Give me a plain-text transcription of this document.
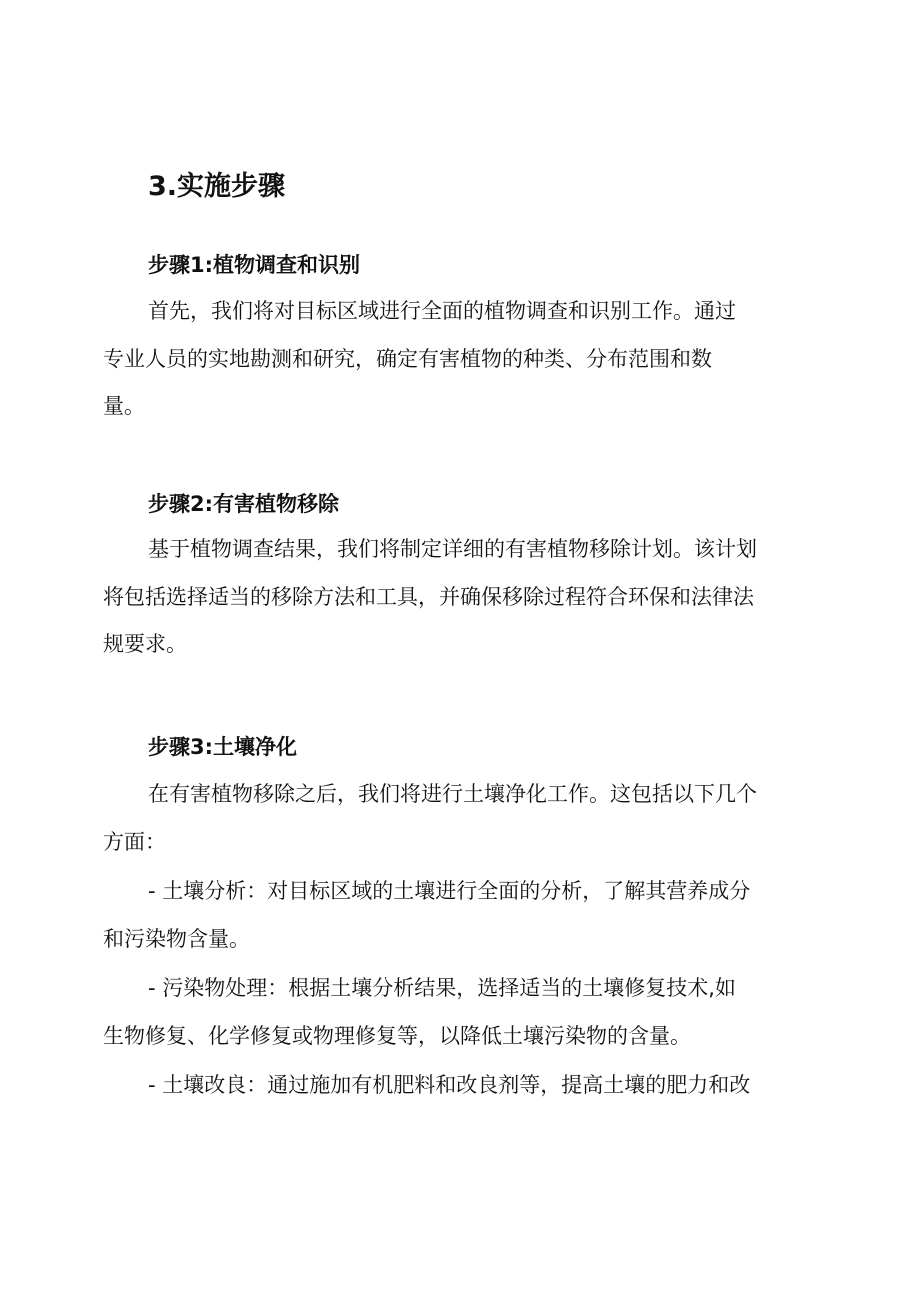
3.实施步骤
步骤1:植物调查和识别
首先，我们将对目标区域进行全面的植物调查和识别工作。通过
专业人员的实地勘测和研究，确定有害植物的种类、分布范围和数
量。
步骤2:有害植物移除
基于植物调查结果，我们将制定详细的有害植物移除计划。该计划
将包括选择适当的移除方法和工具，并确保移除过程符合环保和法律法
规要求。
步骤3:土壤净化
在有害植物移除之后，我们将进行土壤净化工作。这包括以下几个
方面：
- 土壤分析：对目标区域的土壤进行全面的分析，了解其营养成分
和污染物含量。
- 污染物处理：根据土壤分析结果，选择适当的土壤修复技术,如
生物修复、化学修复或物理修复等，以降低土壤污染物的含量。
- 土壤改良：通过施加有机肥料和改良剂等，提高土壤的肥力和改
